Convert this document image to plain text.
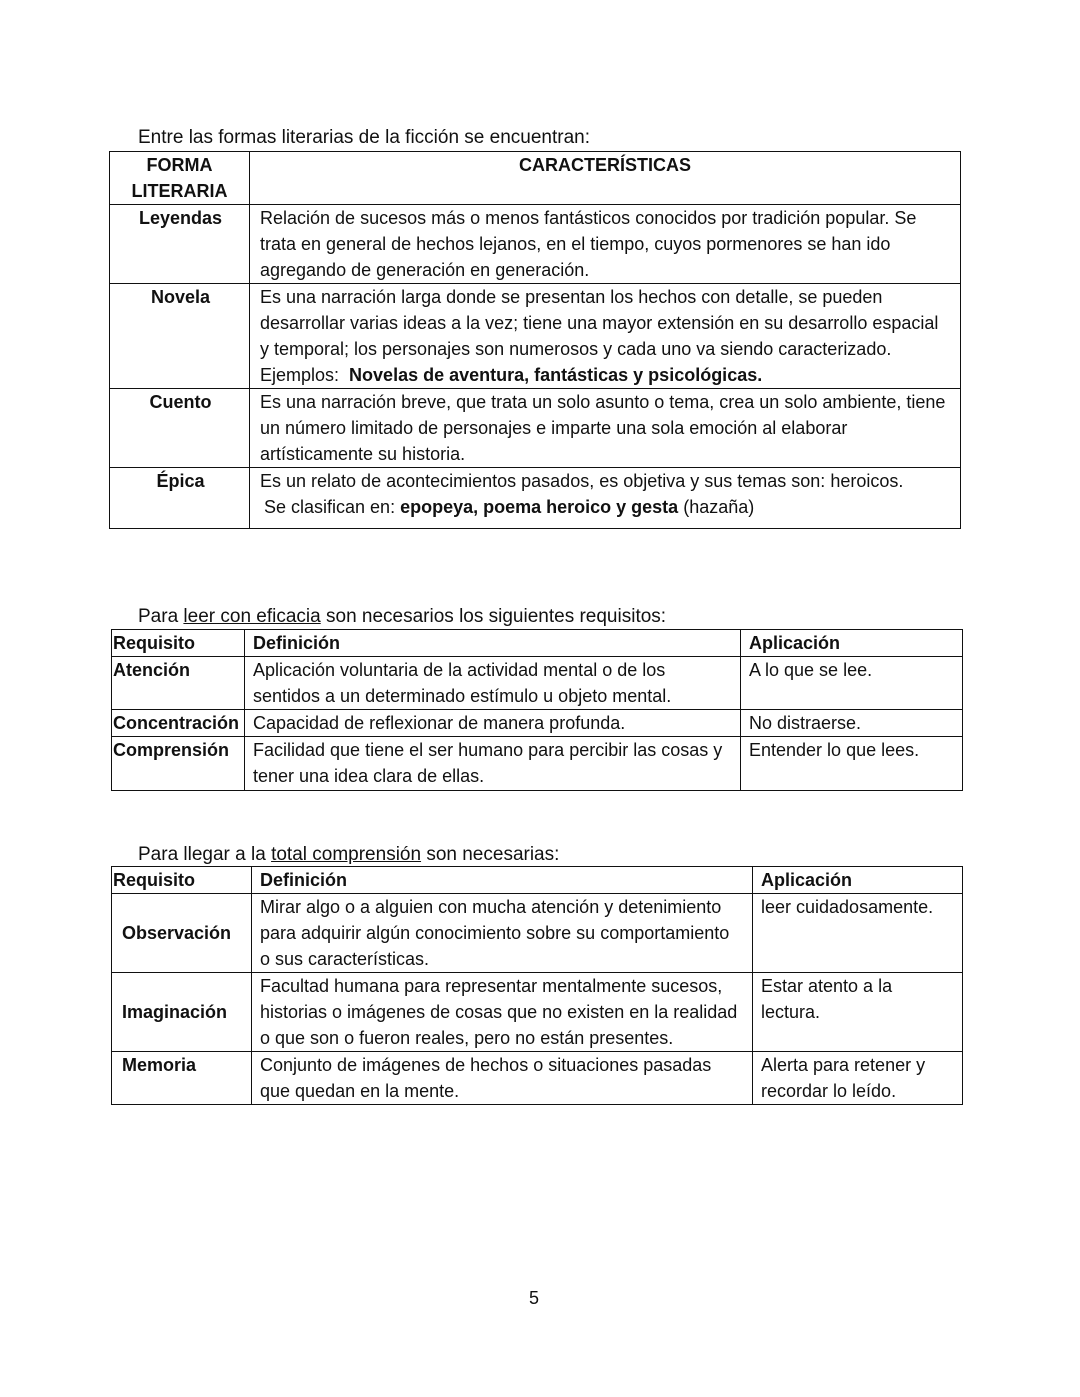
Entre las formas literarias de la ficción se encuentran:
FORMA LITERARIA	CARACTERÍSTICAS
Leyendas	Relación de sucesos más o menos fantásticos conocidos por tradición popular. Se trata en general de hechos lejanos, en el tiempo, cuyos pormenores se han ido agregando de generación en generación.
Novela	Es una narración larga donde se presentan los hechos con detalle, se pueden desarrollar varias ideas a la vez; tiene una mayor extensión en su desarrollo espacial y temporal; los personajes son numerosos y cada uno va siendo caracterizado.
Ejemplos: Novelas de aventura, fantásticas y psicológicas.

Cuento	Es una narración breve, que trata un solo asunto o tema, crea un solo ambiente, tiene un número limitado de personajes e imparte una sola emoción al elaborar artísticamente su historia.
Épica	Es un relato de acontecimientos pasados, es objetiva y sus temas son: heroicos.
Se clasifican en: epopeya, poema heroico y gesta (hazaña)
Para leer con eficacia son necesarios los siguientes requisitos:
Requisito	Definición	Aplicación
Atención	Aplicación voluntaria de la actividad mental o de los sentidos a un determinado estímulo u objeto mental.	A lo que se lee.
Concentración	Capacidad de reflexionar de manera profunda.	No distraerse.
Comprensión	Facilidad que tiene el ser humano para percibir las cosas y tener una idea clara de ellas.	Entender lo que lees.
Para llegar a la total comprensión son necesarias:
Requisito	Definición	Aplicación
Observación	Mirar algo o a alguien con mucha atención y detenimiento para adquirir algún conocimiento sobre su comportamiento o sus características.	leer cuidadosamente.
Imaginación	Facultad humana para representar mentalmente sucesos, historias o imágenes de cosas que no existen en la realidad o que son o fueron reales, pero no están presentes.	Estar atento a la lectura.
Memoria	Conjunto de imágenes de hechos o situaciones pasadas que quedan en la mente.	Alerta para retener y recordar lo leído.
5
